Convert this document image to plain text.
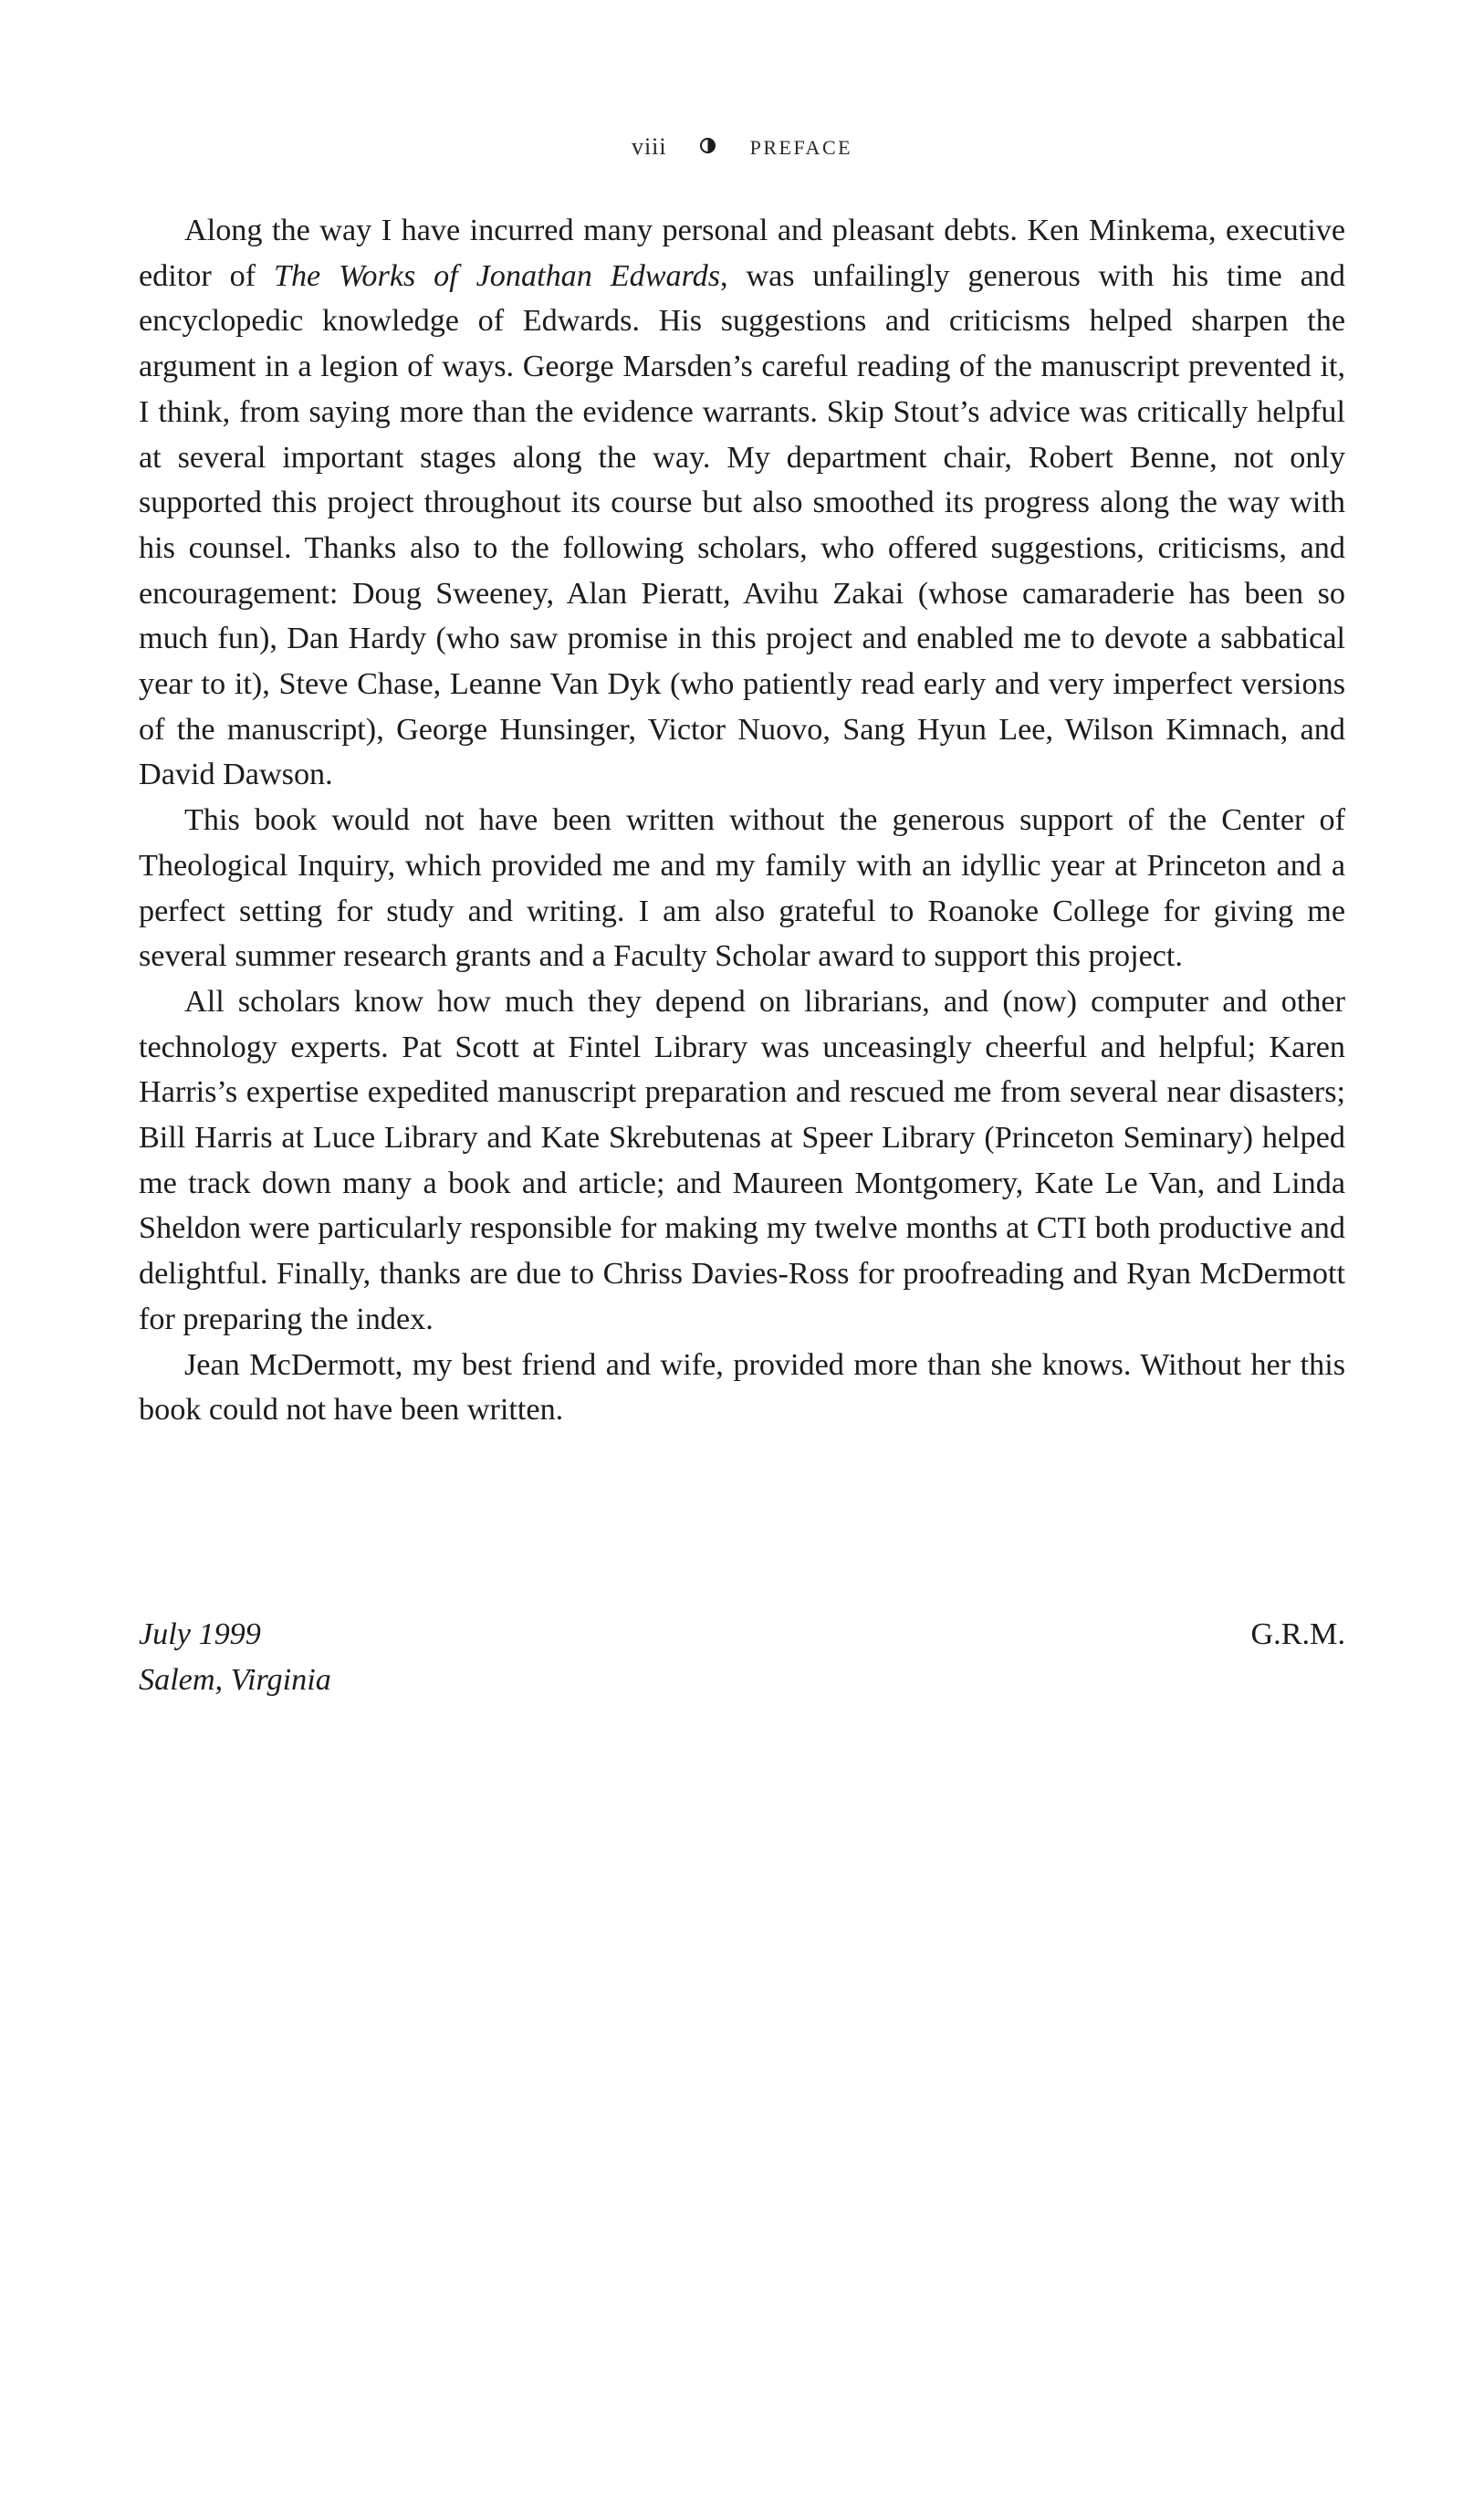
viii	PREFACE

Along the way I have incurred many personal and pleasant debts. Ken Minkema, executive editor of The Works of Jonathan Edwards, was unfailingly generous with his time and encyclopedic knowledge of Edwards. His suggestions and criticisms helped sharpen the argument in a legion of ways. George Marsden’s careful reading of the manuscript prevented it, I think, from saying more than the evidence warrants. Skip Stout’s advice was critically helpful at several important stages along the way. My department chair, Robert Benne, not only supported this project throughout its course but also smoothed its progress along the way with his counsel. Thanks also to the following scholars, who offered suggestions, criticisms, and encouragement: Doug Sweeney, Alan Pieratt, Avihu Zakai (whose camaraderie has been so much fun), Dan Hardy (who saw promise in this project and enabled me to devote a sabbatical year to it), Steve Chase, Leanne Van Dyk (who patiently read early and very imperfect versions of the manuscript), George Hunsinger, Victor Nuovo, Sang Hyun Lee, Wilson Kimnach, and David Dawson.

This book would not have been written without the generous support of the Center of Theological Inquiry, which provided me and my family with an idyllic year at Princeton and a perfect setting for study and writing. I am also grateful to Roanoke College for giving me several summer research grants and a Faculty Scholar award to support this project.

All scholars know how much they depend on librarians, and (now) computer and other technology experts. Pat Scott at Fintel Library was unceasingly cheerful and helpful; Karen Harris’s expertise expedited manuscript preparation and rescued me from several near disasters; Bill Harris at Luce Library and Kate Skrebutenas at Speer Library (Princeton Seminary) helped me track down many a book and article; and Maureen Montgomery, Kate Le Van, and Linda Sheldon were particularly responsible for making my twelve months at CTI both productive and delightful. Finally, thanks are due to Chriss Davies-Ross for proofreading and Ryan McDermott for preparing the index.

Jean McDermott, my best friend and wife, provided more than she knows. Without her this book could not have been written.

July 1999
Salem, Virginia
G.R.M.
